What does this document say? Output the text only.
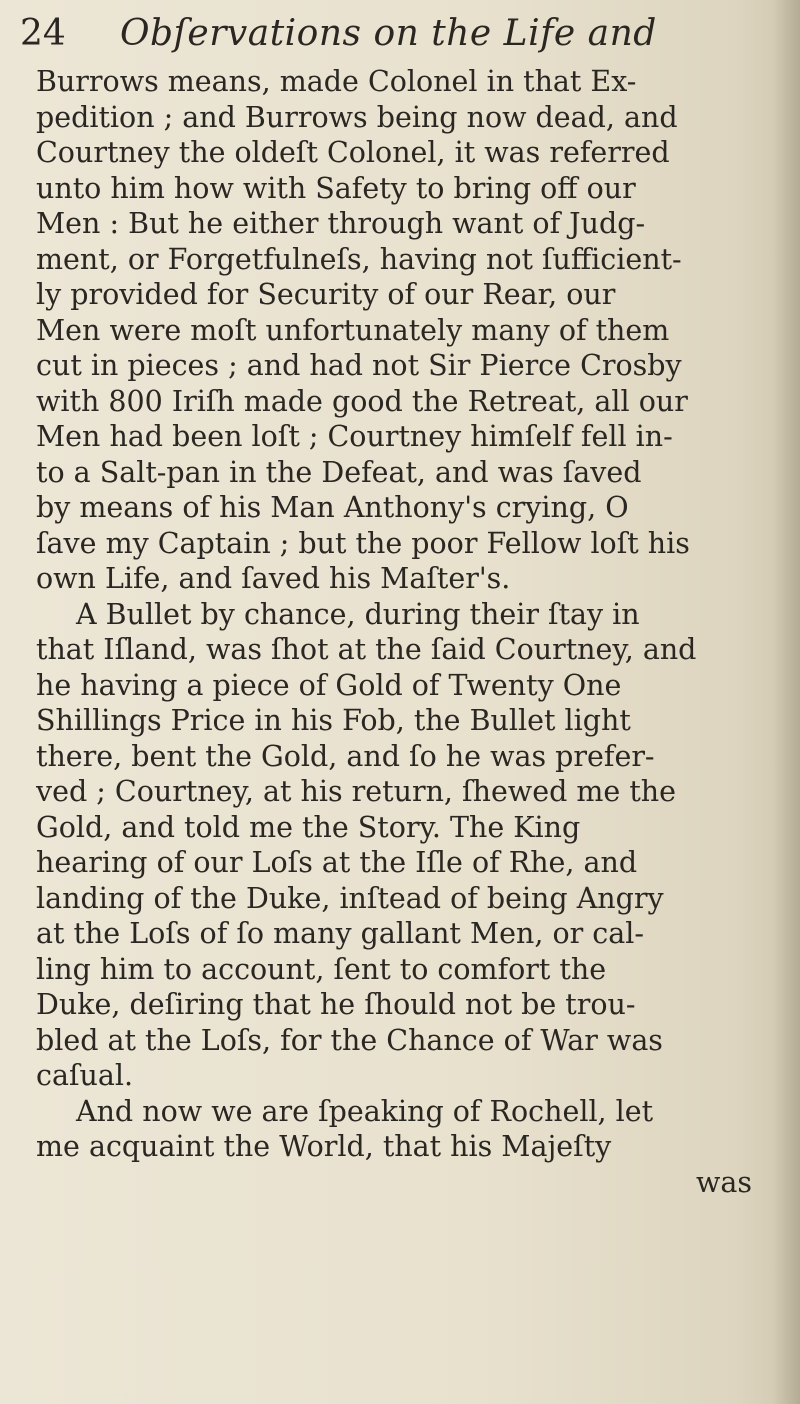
24 Obſervations on the Life and
Burrows means, made Colonel in that Ex-
pedition ; and Burrows being now dead, and
Courtney the oldeſt Colonel, it was referred
unto him how with Safety to bring off our
Men : But he either through want of Judg-
ment, or Forgetfulneſs, having not ſufficient-
ly provided for Security of our Rear, our
Men were moſt unfortunately many of them
cut in pieces ; and had not Sir Pierce Crosby
with 800 Iriſh made good the Retreat, all our
Men had been loſt ; Courtney himſelf fell in-
to a Salt-pan in the Defeat, and was ſaved
by means of his Man Anthony's crying, O
ſave my Captain ; but the poor Fellow loſt his
own Life, and ſaved his Maſter's.
A Bullet by chance, during their ſtay in
that Iſland, was ſhot at the ſaid Courtney, and
he having a piece of Gold of Twenty One
Shillings Price in his Fob, the Bullet light
there, bent the Gold, and ſo he was prefer-
ved ; Courtney, at his return, ſhewed me the
Gold, and told me the Story. The King
hearing of our Loſs at the Iſle of Rhe, and
landing of the Duke, inſtead of being Angry
at the Loſs of ſo many gallant Men, or cal-
ling him to account, ſent to comfort the
Duke, deſiring that he ſhould not be trou-
bled at the Loſs, for the Chance of War was
caſual.
And now we are ſpeaking of Rochell, let
me acquaint the World, that his Majeſty
was
